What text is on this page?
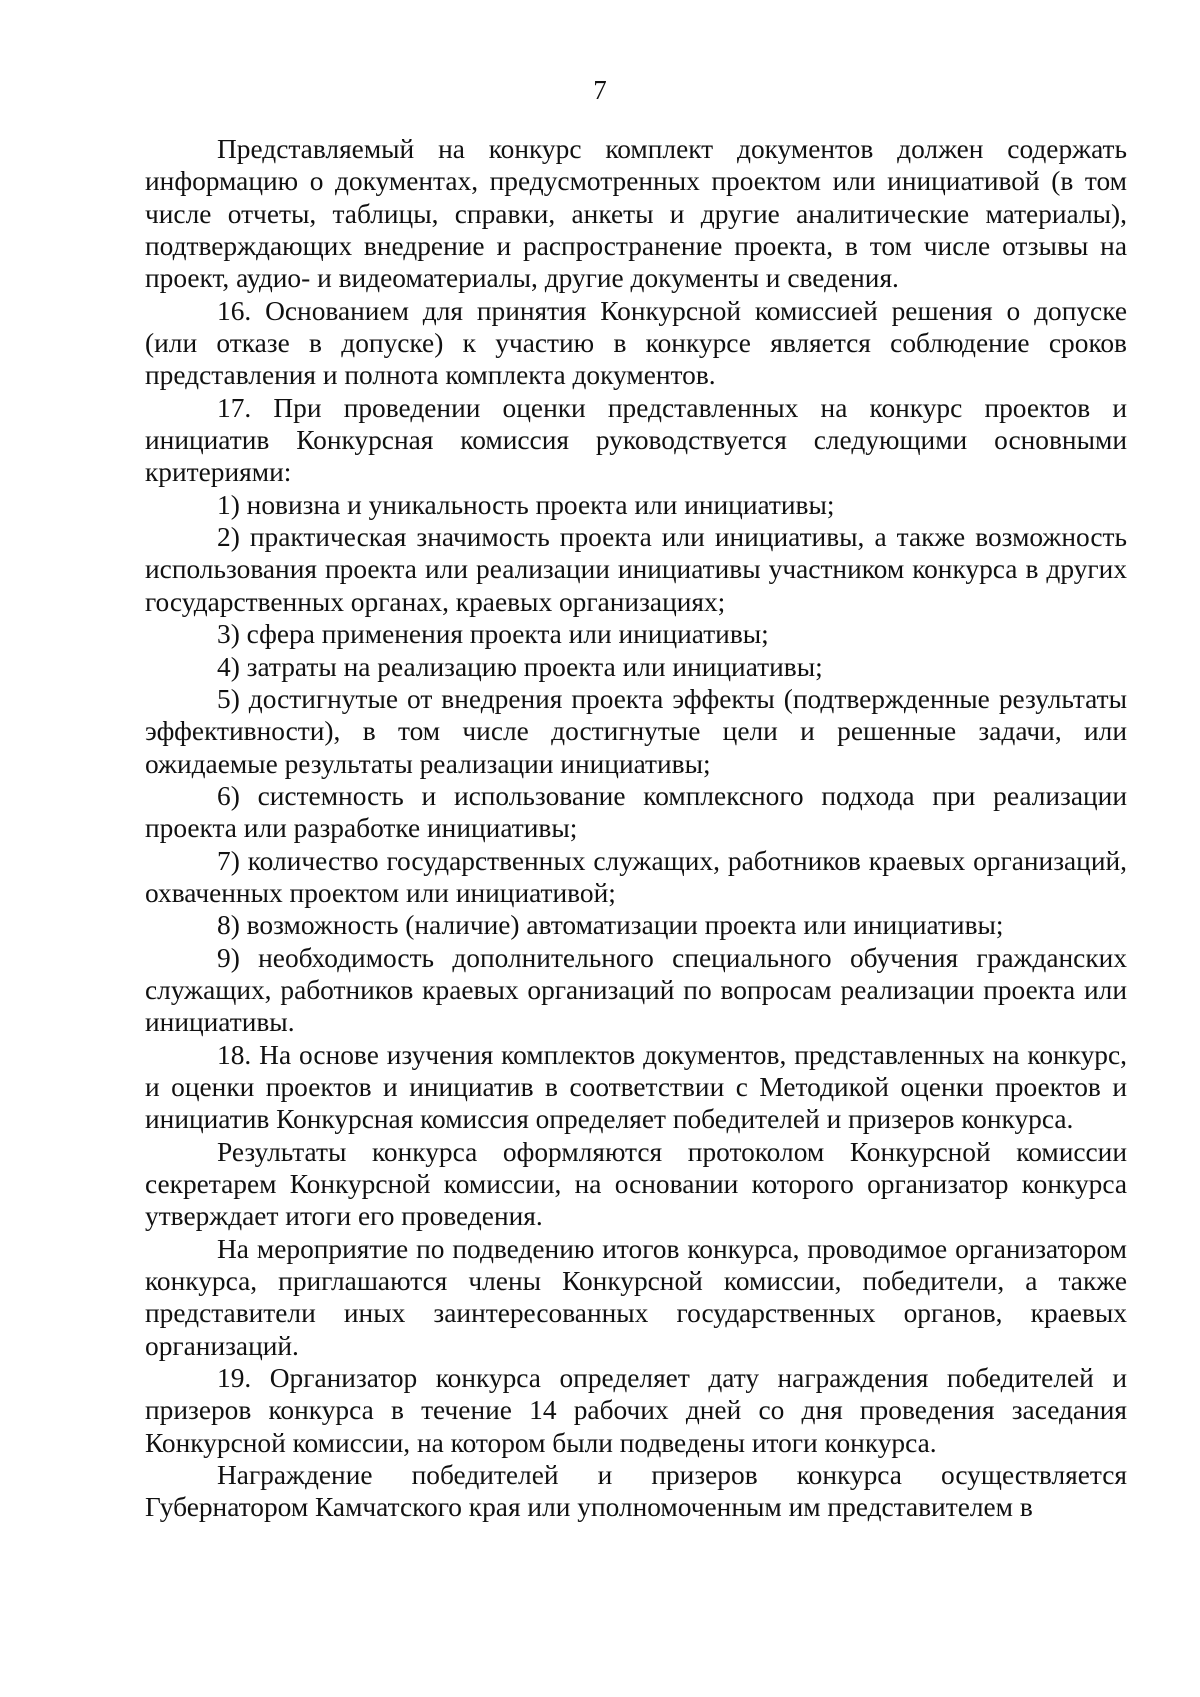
7

Представляемый на конкурс комплект документов должен содержать информацию о документах, предусмотренных проектом или инициативой (в том числе отчеты, таблицы, справки, анкеты и другие аналитические материалы), подтверждающих внедрение и распространение проекта, в том числе отзывы на проект, аудио- и видеоматериалы, другие документы и сведения.

16. Основанием для принятия Конкурсной комиссией решения о допуске (или отказе в допуске) к участию в конкурсе является соблюдение сроков представления и полнота комплекта документов.

17. При проведении оценки представленных на конкурс проектов и инициатив Конкурсная комиссия руководствуется следующими основными критериями:

1) новизна и уникальность проекта или инициативы;

2) практическая значимость проекта или инициативы, а также возможность использования проекта или реализации инициативы участником конкурса в других государственных органах, краевых организациях;

3) сфера применения проекта или инициативы;

4) затраты на реализацию проекта или инициативы;

5) достигнутые от внедрения проекта эффекты (подтвержденные результаты эффективности), в том числе достигнутые цели и решенные задачи, или ожидаемые результаты реализации инициативы;

6) системность и использование комплексного подхода при реализации проекта или разработке инициативы;

7) количество государственных служащих, работников краевых организаций, охваченных проектом или инициативой;

8) возможность (наличие) автоматизации проекта или инициативы;

9) необходимость дополнительного специального обучения гражданских служащих, работников краевых организаций по вопросам реализации проекта или инициативы.

18. На основе изучения комплектов документов, представленных на конкурс, и оценки проектов и инициатив в соответствии с Методикой оценки проектов и инициатив Конкурсная комиссия определяет победителей и призеров конкурса.

Результаты конкурса оформляются протоколом Конкурсной комиссии секретарем Конкурсной комиссии, на основании которого организатор конкурса утверждает итоги его проведения.

На мероприятие по подведению итогов конкурса, проводимое организатором конкурса, приглашаются члены Конкурсной комиссии, победители, а также представители иных заинтересованных государственных органов, краевых организаций.

19. Организатор конкурса определяет дату награждения победителей и призеров конкурса в течение 14 рабочих дней со дня проведения заседания Конкурсной комиссии, на котором были подведены итоги конкурса.

Награждение победителей и призеров конкурса осуществляется Губернатором Камчатского края или уполномоченным им представителем в
